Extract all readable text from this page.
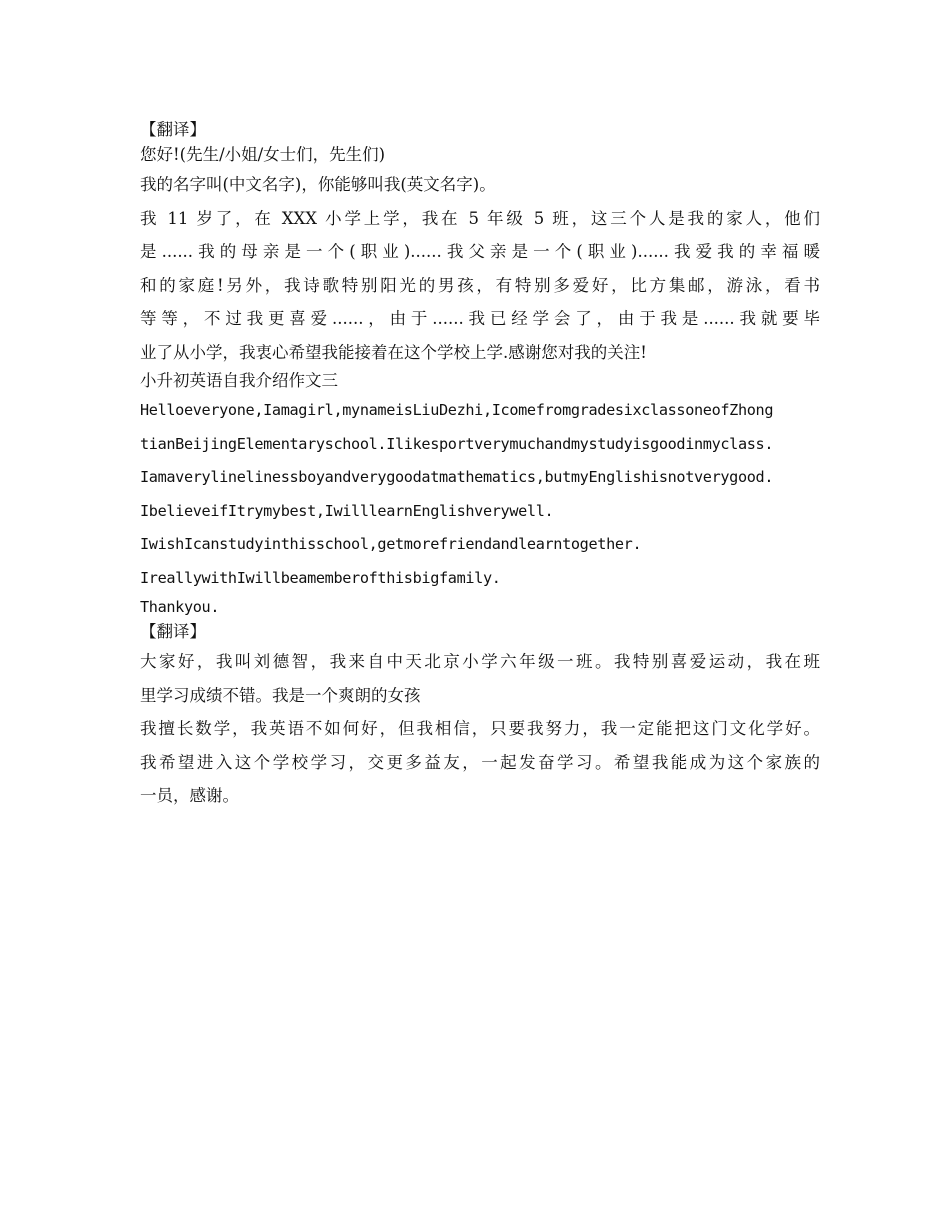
【翻译】
您好!(先生/小姐/女士们，先生们)
我的名字叫(中文名字)，你能够叫我(英文名字)。
我 11 岁了，在 XXX 小学上学，我在 5 年级 5 班，这三个人是我的家人，他们
是......我的母亲是一个(职业)......我父亲是一个(职业)......我爱我的幸福暖
和的家庭!另外，我诗歌特别阳光的男孩，有特别多爱好，比方集邮，游泳，看书
等等，不过我更喜爱......，由于......我已经学会了，由于我是......我就要毕
业了从小学，我衷心希望我能接着在这个学校上学.感谢您对我的关注!
小升初英语自我介绍作文三
Helloeveryone,Iamagirl,mynameisLiuDezhi,IcomefromgradesixclassoneofZhong
tianBeijingElementaryschool.Ilikesportverymuchandmystudyisgoodinmyclass.
Iamaverylinelinessboyandverygoodatmathematics,butmyEnglishisnotverygood.
IbelieveifItrymybest,IwilllearnEnglishverywell.
IwishIcanstudyinthisschool,getmorefriendandlearntogether.
IreallywithIwillbeamemberofthisbigfamily.
Thankyou.
【翻译】
大家好，我叫刘德智，我来自中天北京小学六年级一班。我特别喜爱运动，我在班
里学习成绩不错。我是一个爽朗的女孩
我擅长数学，我英语不如何好，但我相信，只要我努力，我一定能把这门文化学好。
我希望进入这个学校学习，交更多益友，一起发奋学习。希望我能成为这个家族的
一员，感谢。
